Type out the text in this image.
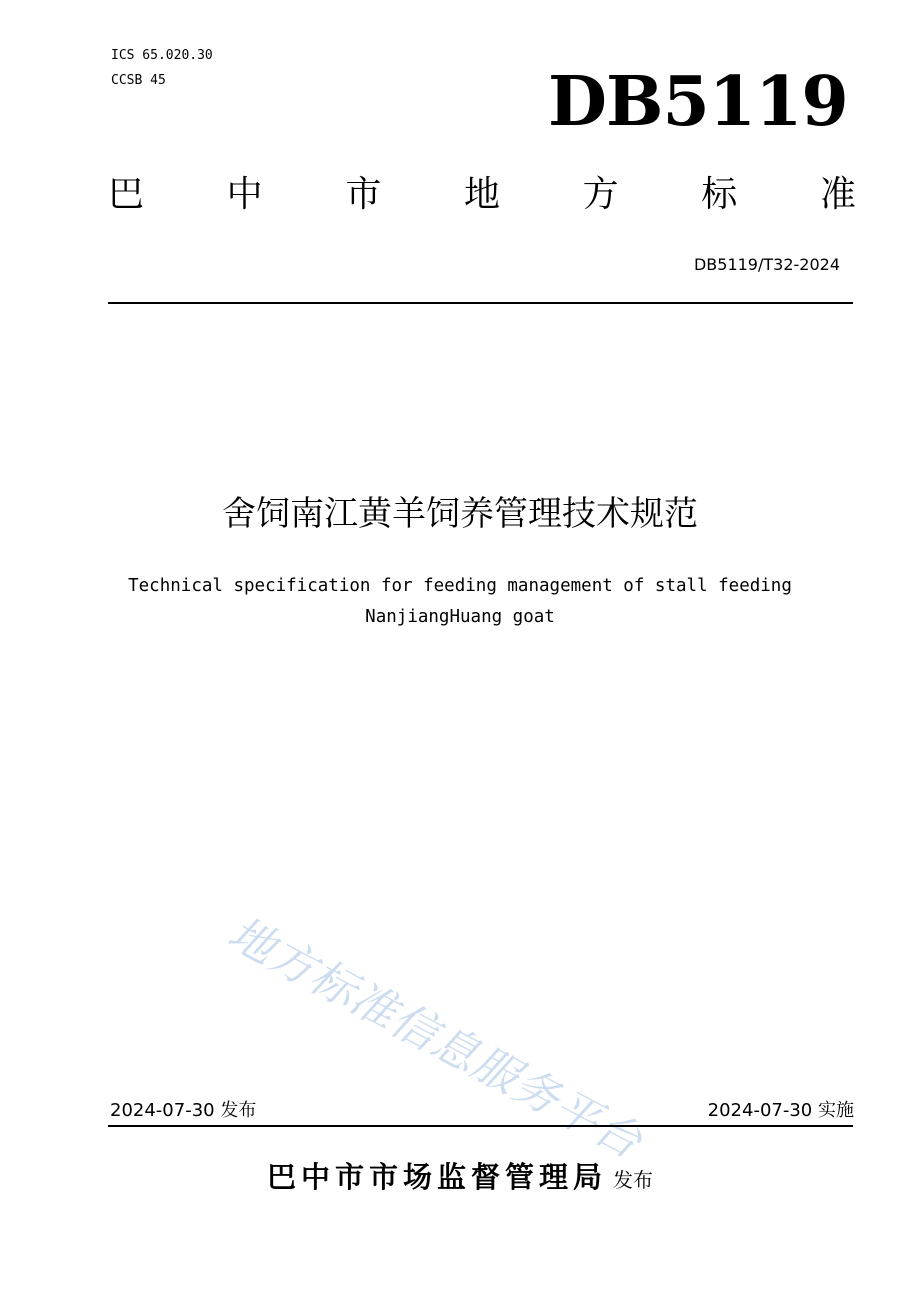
ICS 65.020.30
CCSB 45	DB5119
巴 中 市 地 方 标 准
DB5119/T32-2024
舍饲南江黄羊饲养管理技术规范
Technical specification for feeding management of stall feeding
NanjiangHuang goat
地方标准信息服务平台
2024-07-30 发布	2024-07-30 实施
巴中市市场监督管理局 发布
